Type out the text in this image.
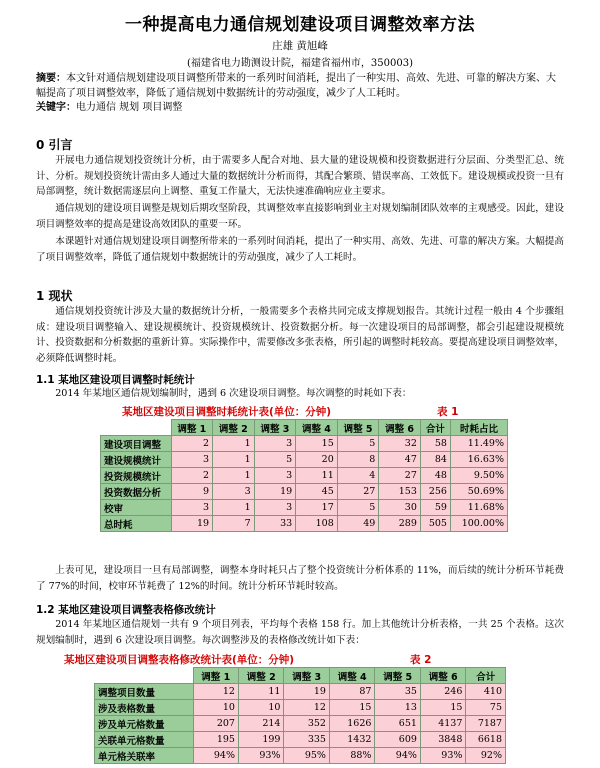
一种提高电力通信规划建设项目调整效率方法
庄雄 黄旭峰
(福建省电力勘测设计院，福建省福州市，350003)
摘要：本文针对通信规划建设项目调整所带来的一系列时间消耗，提出了一种实用、高效、先进、可靠的解决方案、大幅提高了项目调整效率，降低了通信规划中数据统计的劳动强度，减少了人工耗时。
关键字：电力通信 规划 项目调整
0 引言
开展电力通信规划投资统计分析，由于需要多人配合对地、县大量的建设规模和投资数据进行分层面、分类型汇总、统计、分析。规划投资统计需由多人通过大量的数据统计分析而得，其配合繁琐、错误率高、工效低下。建设规模或投资一旦有局部调整，统计数据需逐层向上调整、重复工作量大，无法快速准确响应业主要求。
通信规划的建设项目调整是规划后期攻坚阶段，其调整效率直接影响到业主对规划编制团队效率的主观感受。因此，建设项目调整效率的提高是建设高效团队的重要一环。
本课题针对通信规划建设项目调整所带来的一系列时间消耗，提出了一种实用、高效、先进、可靠的解决方案。大幅提高了项目调整效率，降低了通信规划中数据统计的劳动强度，减少了人工耗时。
1 现状
通信规划投资统计涉及大量的数据统计分析，一般需要多个表格共同完成支撑规划报告。其统计过程一般由 4 个步骤组成：建设项目调整输入、建设规模统计、投资规模统计、投资数据分析。每一次建设项目的局部调整，都会引起建设规模统计、投资数据和分析数据的重新计算。实际操作中，需要修改多张表格，所引起的调整时耗较高。要提高建设项目调整效率，必须降低调整时耗。
1.1 某地区建设项目调整时耗统计
2014 年某地区通信规划编制时，遇到 6 次建设项目调整。每次调整的时耗如下表：
某地区建设项目调整时耗统计表(单位：分钟)	表 1
	调整 1	调整 2	调整 3	调整 4	调整 5	调整 6	合计	时耗占比
建设项目调整	2	1	3	15	5	32	58	11.49%
建设规模统计	3	1	5	20	8	47	84	16.63%
投资规模统计	2	1	3	11	4	27	48	9.50%
投资数据分析	9	3	19	45	27	153	256	50.69%
校审	3	1	3	17	5	30	59	11.68%
总时耗	19	7	33	108	49	289	505	100.00%
上表可见，建设项目一旦有局部调整，调整本身时耗只占了整个投资统计分析体系的 11%，而后续的统计分析环节耗费了 77%的时间，校审环节耗费了 12%的时间。统计分析环节耗时较高。
1.2 某地区建设项目调整表格修改统计
2014 年某地区通信规划一共有 9 个项目列表，平均每个表格 158 行。加上其他统计分析表格，一共 25 个表格。这次规划编制时，遇到 6 次建设项目调整。每次调整涉及的表格修改统计如下表：
某地区建设项目调整表格修改统计表(单位：分钟)	表 2
	调整 1	调整 2	调整 3	调整 4	调整 5	调整 6	合计
调整项目数量	12	11	19	87	35	246	410
涉及表格数量	10	10	12	15	13	15	75
涉及单元格数量	207	214	352	1626	651	4137	7187
关联单元格数量	195	199	335	1432	609	3848	6618
单元格关联率	94%	93%	95%	88%	94%	93%	92%
